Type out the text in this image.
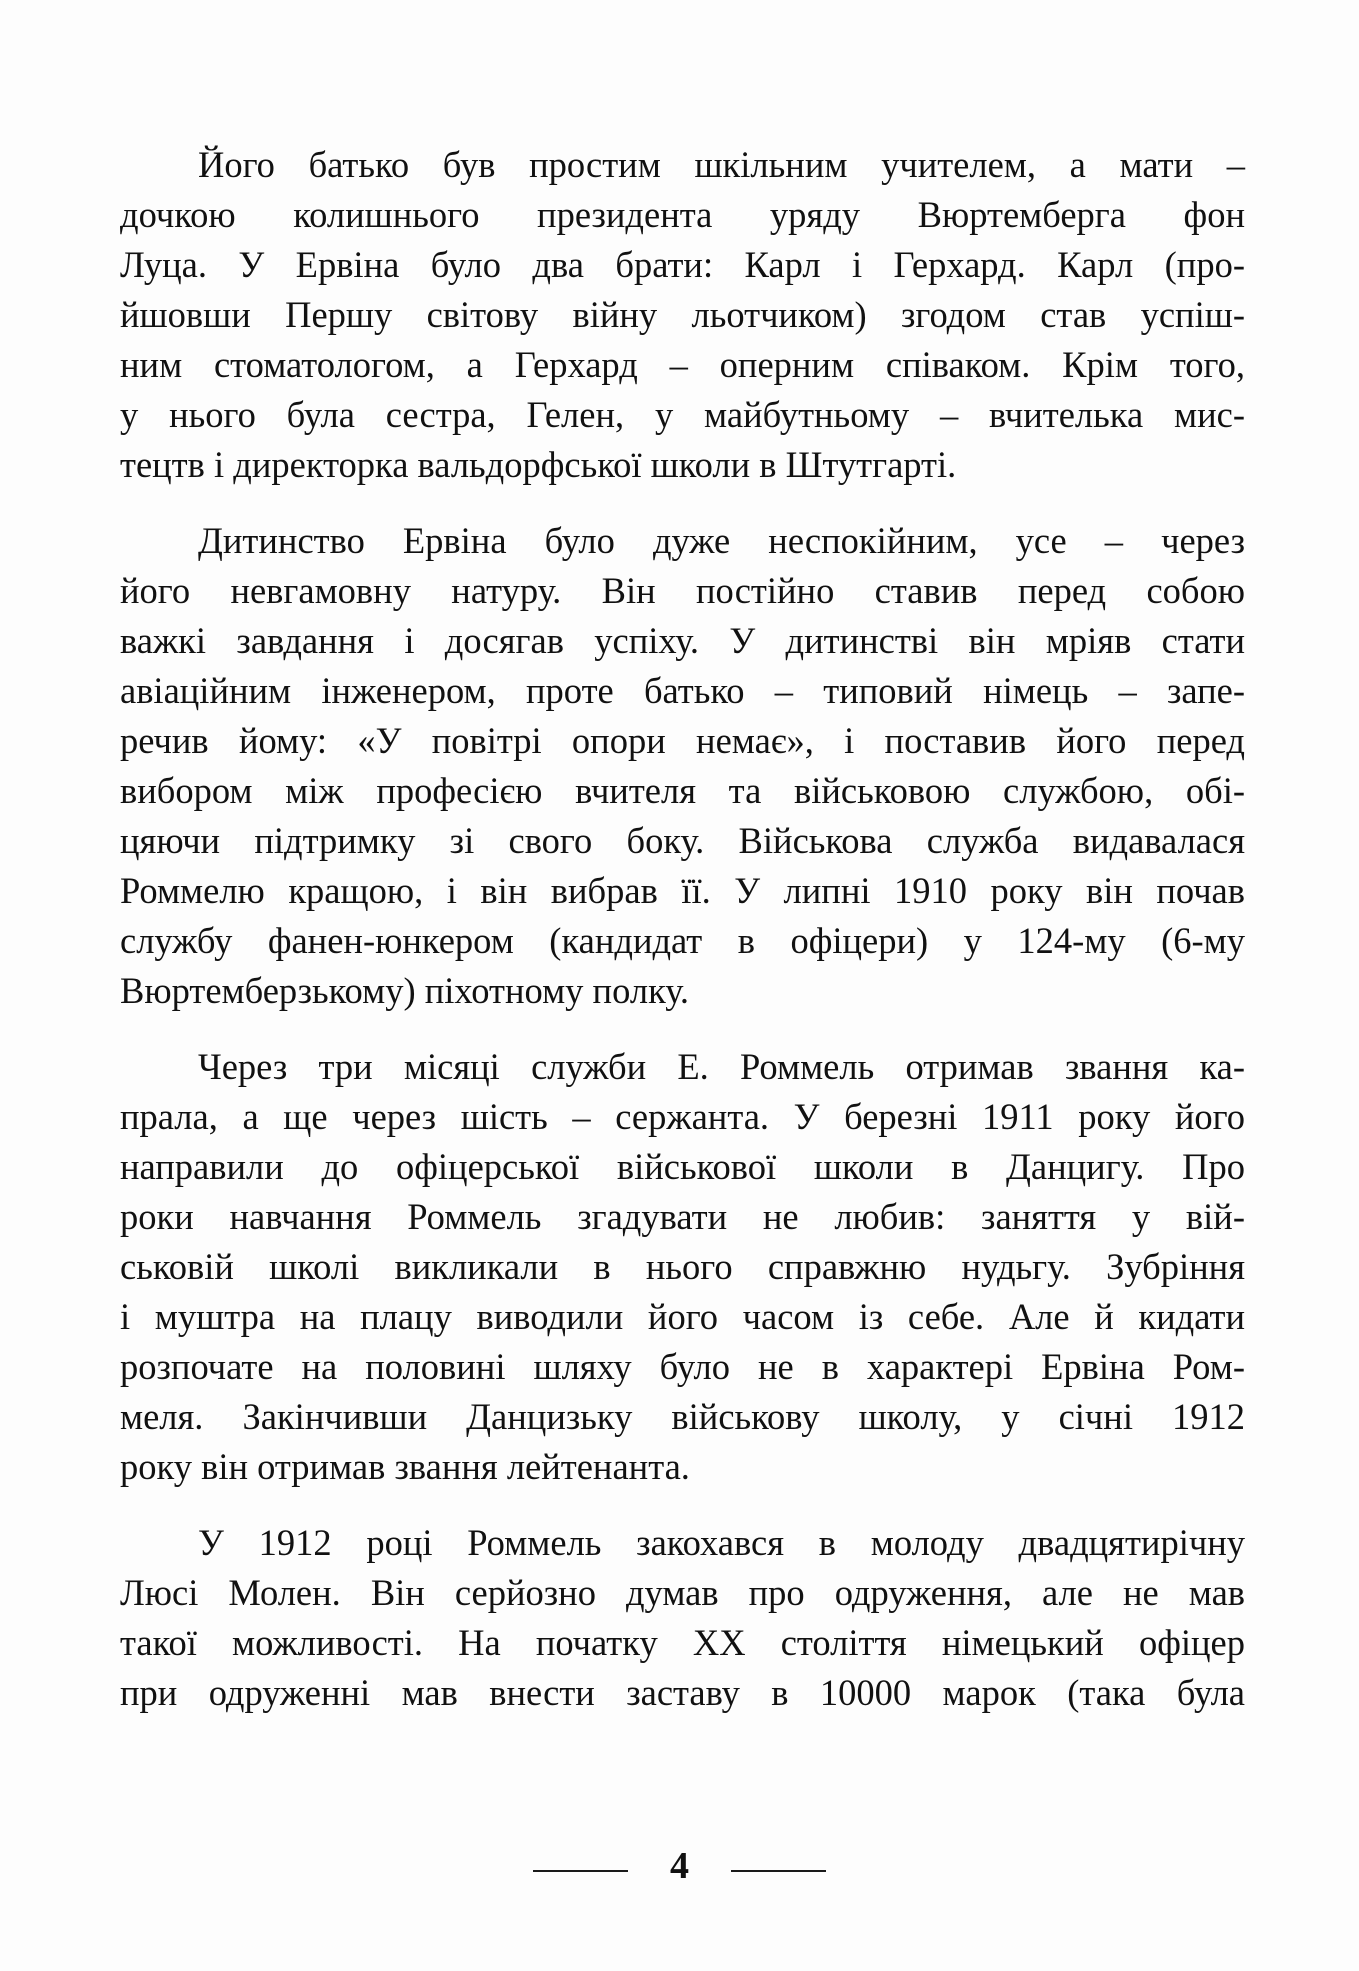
Його батько був простим шкільним учителем, а мати –
дочкою колишнього президента уряду Вюртемберга фон
Луца. У Ервіна було два брати: Карл і Герхард. Карл (про-
йшовши Першу світову війну льотчиком) згодом став успіш-
ним стоматологом, а Герхард – оперним співаком. Крім того,
у нього була сестра, Гелен, у майбутньому – вчителька мис-
тецтв і директорка вальдорфської школи в Штутгарті.

Дитинство Ервіна було дуже неспокійним, усе – через
його невгамовну натуру. Він постійно ставив перед собою
важкі завдання і досягав успіху. У дитинстві він мріяв стати
авіаційним інженером, проте батько – типовий німець – запе-
речив йому: «У повітрі опори немає», і поставив його перед
вибором між професією вчителя та військовою службою, обі-
цяючи підтримку зі свого боку. Військова служба видавалася
Роммелю кращою, і він вибрав її. У липні 1910 року він почав
службу фанен-юнкером (кандидат в офіцери) у 124-му (6-му
Вюртемберзькому) піхотному полку.

Через три місяці служби Е. Роммель отримав звання ка-
прала, а ще через шість – сержанта. У березні 1911 року його
направили до офіцерської військової школи в Данцигу. Про
роки навчання Роммель згадувати не любив: заняття у вій-
ськовій школі викликали в нього справжню нудьгу. Зубріння
і муштра на плацу виводили його часом із себе. Але й кидати
розпочате на половині шляху було не в характері Ервіна Ром-
меля. Закінчивши Данцизьку військову школу, у січні 1912
року він отримав звання лейтенанта.

У 1912 році Роммель закохався в молоду двадцятирічну
Люсі Молен. Він серйозно думав про одруження, але не мав
такої можливості. На початку XX століття німецький офіцер
при одруженні мав внести заставу в 10000 марок (така була

4
